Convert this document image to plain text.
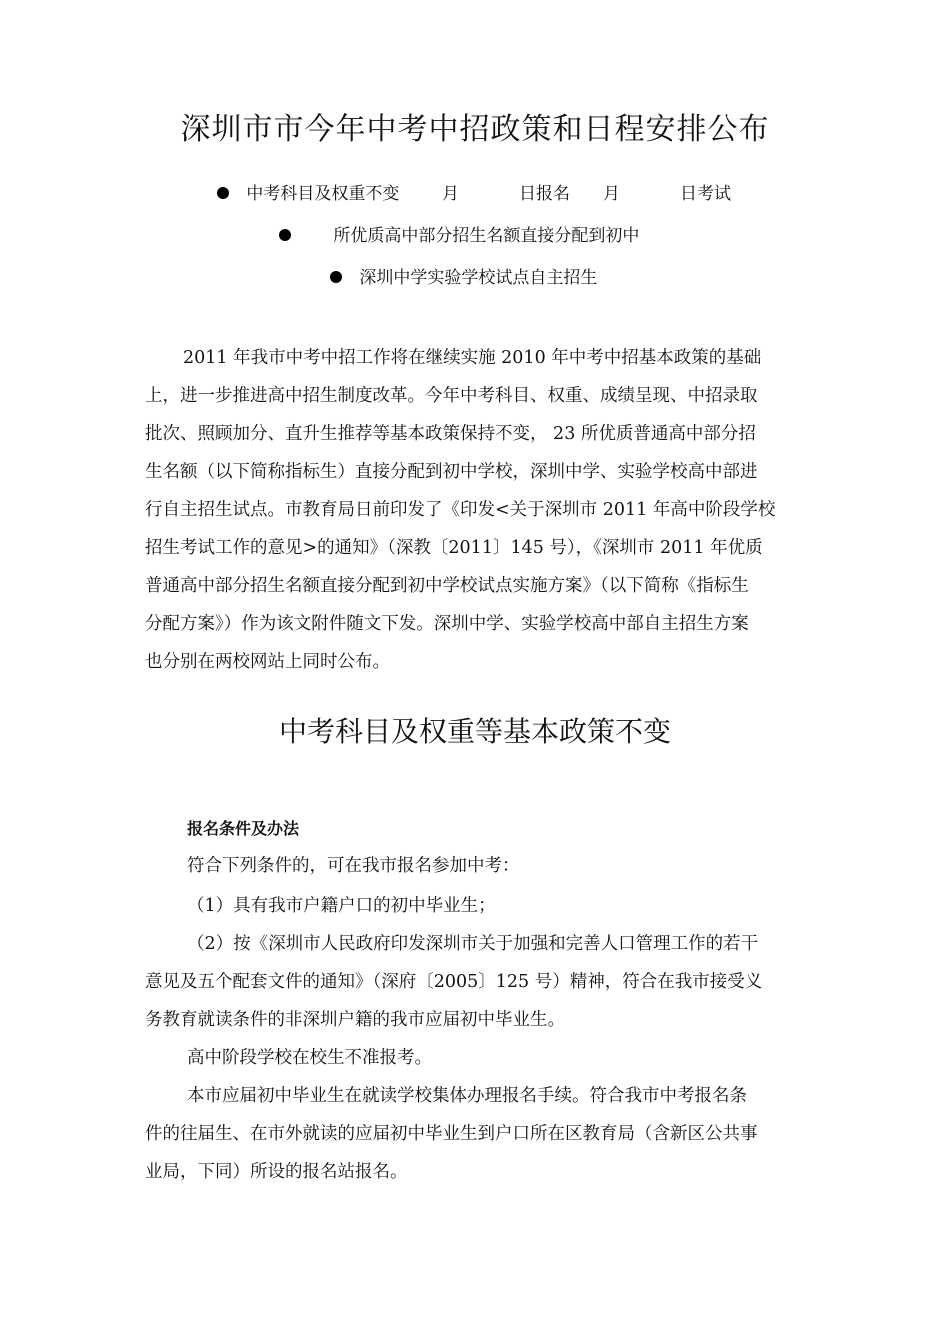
深圳市市今年中考中招政策和日程安排公布
中考科目及权重不变	月	日报名 月	日考试
所优质高中部分招生名额直接分配到初中
深圳中学实验学校试点自主招生
2011 年我市中考中招工作将在继续实施 2010 年中考中招基本政策的基础
上，进一步推进高中招生制度改革。今年中考科目、权重、成绩呈现、中招录取
批次、照顾加分、直升生推荐等基本政策保持不变， 23 所优质普通高中部分招
生名额（以下简称指标生）直接分配到初中学校，深圳中学、实验学校高中部进
行自主招生试点。市教育局日前印发了《印发<关于深圳市 2011 年高中阶段学校
招生考试工作的意见>的通知》（深教〔2011〕145 号），《深圳市 2011 年优质
普通高中部分招生名额直接分配到初中学校试点实施方案》（以下简称《指标生
分配方案》）作为该文附件随文下发。深圳中学、实验学校高中部自主招生方案
也分别在两校网站上同时公布。
中考科目及权重等基本政策不变
报名条件及办法
符合下列条件的，可在我市报名参加中考：
（1）具有我市户籍户口的初中毕业生；
（2）按《深圳市人民政府印发深圳市关于加强和完善人口管理工作的若干
意见及五个配套文件的通知》（深府〔2005〕125 号）精神，符合在我市接受义
务教育就读条件的非深圳户籍的我市应届初中毕业生。
高中阶段学校在校生不准报考。
本市应届初中毕业生在就读学校集体办理报名手续。符合我市中考报名条
件的往届生、在市外就读的应届初中毕业生到户口所在区教育局（含新区公共事
业局，下同）所设的报名站报名。
